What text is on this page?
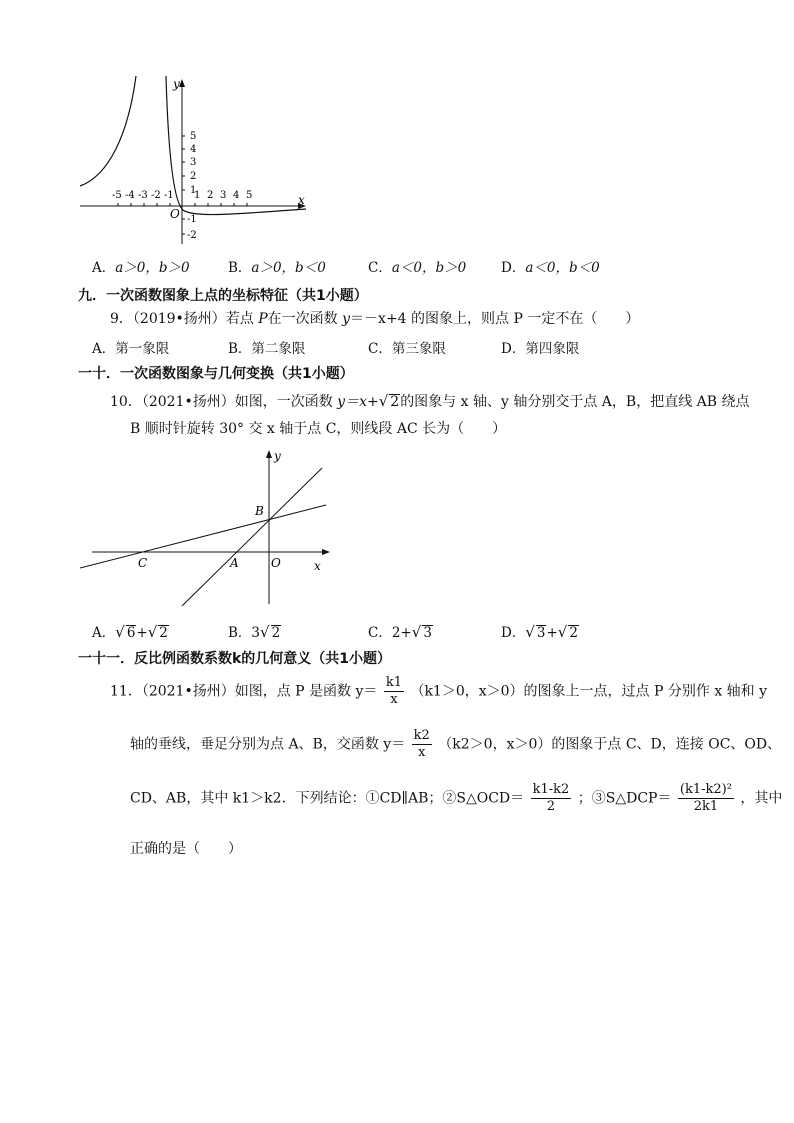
y
x
O
5
4
3
2
1
-1
-2
-5 -4 -3 -2 -1 1 2 3 4 5
A．a＞0，b＞0	B．a＞0，b＜0	C．a＜0，b＞0	D．a＜0，b＜0
九．一次函数图象上点的坐标特征（共1小题）
9．（2019•扬州）若点 P在一次函数 y＝－x+4 的图象上，则点 P 一定不在（　　）
A．第一象限	B．第二象限	C．第三象限	D．第四象限
一十．一次函数图象与几何变换（共1小题）
10．（2021•扬州）如图，一次函数 y＝x+√ 2的图象与 x 轴、y 轴分别交于点 A，B，把直线 AB 绕点
B 顺时针旋转 30° 交 x 轴于点 C，则线段 AC 长为（　　）
y
x
B
C	A	O
A．√ 6+√ 2	B．3√ 2	C．2+√ 3	D．√ 3+√ 2
一十一．反比例函数系数k的几何意义（共1小题）
11．（2021•扬州）如图，点 P 是函数 $y= \frac{k1}{x} (k1>0$，x＞0）的图象上一点，过点 P 分别作 x 轴和 y
轴的垂线，垂足分别为点 A、B，交函数 $y= \frac{k2}{x} (k2>0$，x＞0）的图象于点 C、D，连接 OC、OD、
CD、AB，其中 k1＞k2．下列结论：①CD∥AB；②S△OCD＝ $\frac{k1-k2}{2}$ ；③S△DCP＝ $\frac{\text{(k1-k2)²}}{2k1}$ ，其中
正确的是（　　）
